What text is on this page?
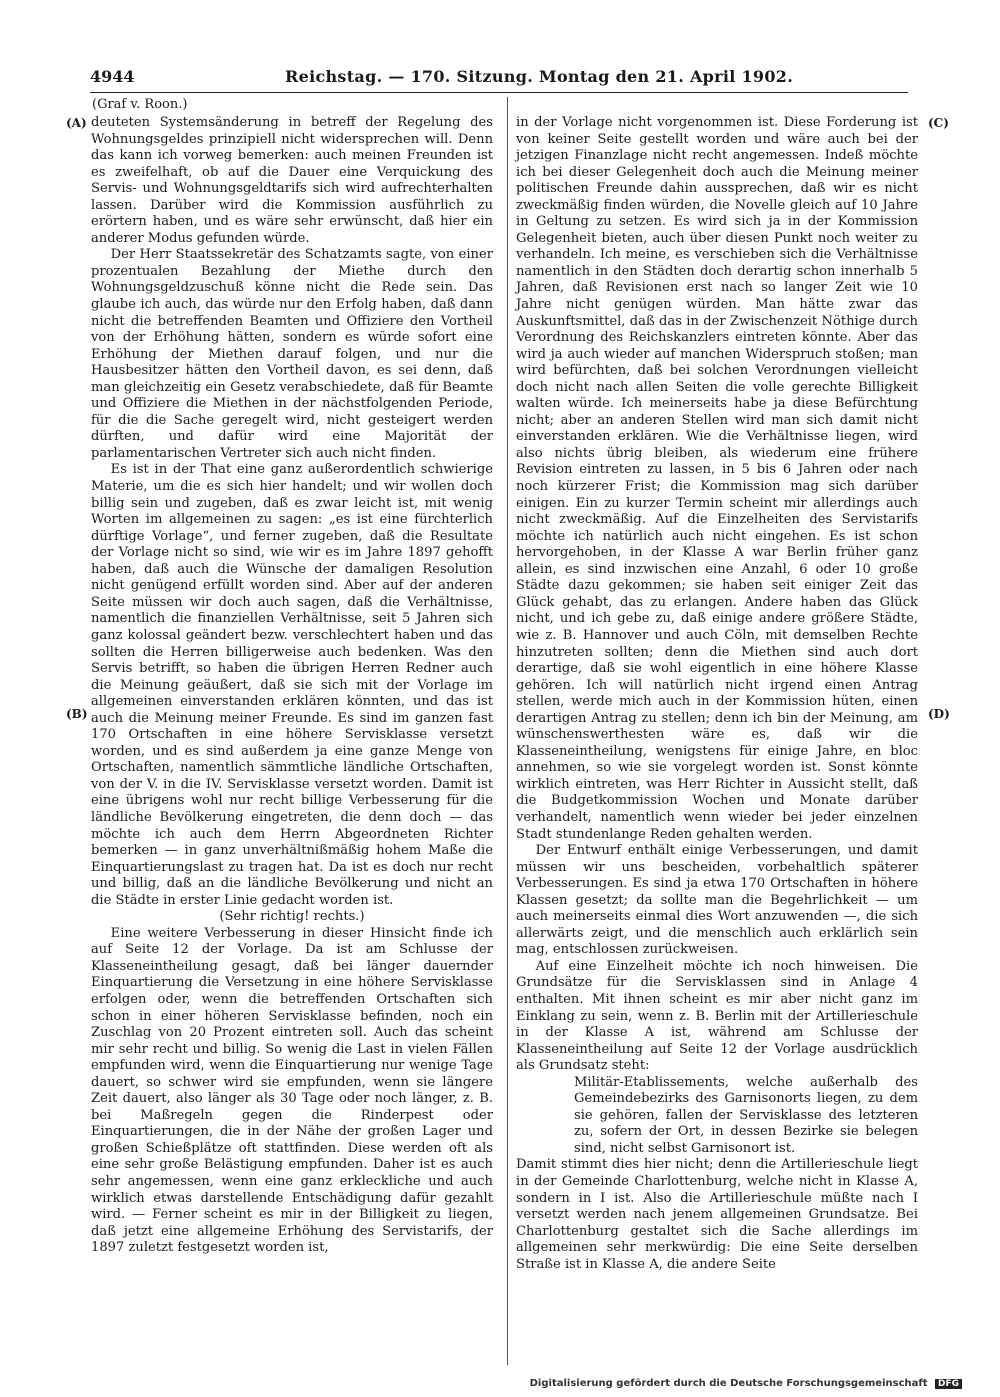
4944	Reichstag. — 170. Sitzung. Montag den 21. April 1902.
(Graf v. Roon.)
(A)
(B)
(C)
(D)

deuteten Systemsänderung in betreff der Regelung des Wohnungsgeldes prinzipiell nicht widersprechen will. Denn das kann ich vorweg bemerken: auch meinen Freunden ist es zweifelhaft, ob auf die Dauer eine Verquickung des Servis- und Wohnungsgeldtarifs sich wird aufrechterhalten lassen. Darüber wird die Kommission ausführlich zu erörtern haben, und es wäre sehr erwünscht, daß hier ein anderer Modus gefunden würde.

Der Herr Staatssekretär des Schatzamts sagte, von einer prozentualen Bezahlung der Miethe durch den Wohnungsgeldzuschuß könne nicht die Rede sein. Das glaube ich auch, das würde nur den Erfolg haben, daß dann nicht die betreffenden Beamten und Offiziere den Vortheil von der Erhöhung hätten, sondern es würde sofort eine Erhöhung der Miethen darauf folgen, und nur die Hausbesitzer hätten den Vortheil davon, es sei denn, daß man gleichzeitig ein Gesetz verabschiedete, daß für Beamte und Offiziere die Miethen in der nächstfolgenden Periode, für die die Sache geregelt wird, nicht gesteigert werden dürften, und dafür wird eine Majorität der parlamentarischen Vertreter sich auch nicht finden.

Es ist in der That eine ganz außerordentlich schwierige Materie, um die es sich hier handelt; und wir wollen doch billig sein und zugeben, daß es zwar leicht ist, mit wenig Worten im allgemeinen zu sagen: „es ist eine fürchterlich dürftige Vorlage“, und ferner zugeben, daß die Resultate der Vorlage nicht so sind, wie wir es im Jahre 1897 gehofft haben, daß auch die Wünsche der damaligen Resolution nicht genügend erfüllt worden sind. Aber auf der anderen Seite müssen wir doch auch sagen, daß die Verhältnisse, namentlich die finanziellen Verhältnisse, seit 5 Jahren sich ganz kolossal geändert bezw. verschlechtert haben und das sollten die Herren billigerweise auch bedenken. Was den Servis betrifft, so haben die übrigen Herren Redner auch die Meinung geäußert, daß sie sich mit der Vorlage im allgemeinen einverstanden erklären könnten, und das ist auch die Meinung meiner Freunde. Es sind im ganzen fast 170 Ortschaften in eine höhere Servisklasse versetzt worden, und es sind außerdem ja eine ganze Menge von Ortschaften, namentlich sämmtliche ländliche Ortschaften, von der V. in die IV. Servisklasse versetzt worden. Damit ist eine übrigens wohl nur recht billige Verbesserung für die ländliche Bevölkerung eingetreten, die denn doch — das möchte ich auch dem Herrn Abgeordneten Richter bemerken — in ganz unverhältnißmäßig hohem Maße die Einquartierungslast zu tragen hat. Da ist es doch nur recht und billig, daß an die ländliche Bevölkerung und nicht an die Städte in erster Linie gedacht worden ist.

(Sehr richtig! rechts.)

Eine weitere Verbesserung in dieser Hinsicht finde ich auf Seite 12 der Vorlage. Da ist am Schlusse der Klasseneintheilung gesagt, daß bei länger dauernder Einquartierung die Versetzung in eine höhere Servisklasse erfolgen oder, wenn die betreffenden Ortschaften sich schon in einer höheren Servisklasse befinden, noch ein Zuschlag von 20 Prozent eintreten soll. Auch das scheint mir sehr recht und billig. So wenig die Last in vielen Fällen empfunden wird, wenn die Einquartierung nur wenige Tage dauert, so schwer wird sie empfunden, wenn sie längere Zeit dauert, also länger als 30 Tage oder noch länger, z. B. bei Maßregeln gegen die Rinderpest oder Einquartierungen, die in der Nähe der großen Lager und großen Schießplätze oft stattfinden. Diese werden oft als eine sehr große Belästigung empfunden. Daher ist es auch sehr angemessen, wenn eine ganz erkleckliche und auch wirklich etwas darstellende Entschädigung dafür gezahlt wird. — Ferner scheint es mir in der Billigkeit zu liegen, daß jetzt eine allgemeine Erhöhung des Servistarifs, der 1897 zuletzt festgesetzt worden ist,

in der Vorlage nicht vorgenommen ist. Diese Forderung ist von keiner Seite gestellt worden und wäre auch bei der jetzigen Finanzlage nicht recht angemessen. Indeß möchte ich bei dieser Gelegenheit doch auch die Meinung meiner politischen Freunde dahin aussprechen, daß wir es nicht zweckmäßig finden würden, die Novelle gleich auf 10 Jahre in Geltung zu setzen. Es wird sich ja in der Kommission Gelegenheit bieten, auch über diesen Punkt noch weiter zu verhandeln. Ich meine, es verschieben sich die Verhältnisse namentlich in den Städten doch derartig schon innerhalb 5 Jahren, daß Revisionen erst nach so langer Zeit wie 10 Jahre nicht genügen würden. Man hätte zwar das Auskunftsmittel, daß das in der Zwischenzeit Nöthige durch Verordnung des Reichskanzlers eintreten könnte. Aber das wird ja auch wieder auf manchen Widerspruch stoßen; man wird befürchten, daß bei solchen Verordnungen vielleicht doch nicht nach allen Seiten die volle gerechte Billigkeit walten würde. Ich meinerseits habe ja diese Befürchtung nicht; aber an anderen Stellen wird man sich damit nicht einverstanden erklären. Wie die Verhältnisse liegen, wird also nichts übrig bleiben, als wiederum eine frühere Revision eintreten zu lassen, in 5 bis 6 Jahren oder nach noch kürzerer Frist; die Kommission mag sich darüber einigen. Ein zu kurzer Termin scheint mir allerdings auch nicht zweckmäßig. Auf die Einzelheiten des Servistarifs möchte ich natürlich auch nicht eingehen. Es ist schon hervorgehoben, in der Klasse A war Berlin früher ganz allein, es sind inzwischen eine Anzahl, 6 oder 10 große Städte dazu gekommen; sie haben seit einiger Zeit das Glück gehabt, das zu erlangen. Andere haben das Glück nicht, und ich gebe zu, daß einige andere größere Städte, wie z. B. Hannover und auch Cöln, mit demselben Rechte hinzutreten sollten; denn die Miethen sind auch dort derartige, daß sie wohl eigentlich in eine höhere Klasse gehören. Ich will natürlich nicht irgend einen Antrag stellen, werde mich auch in der Kommission hüten, einen derartigen Antrag zu stellen; denn ich bin der Meinung, am wünschenswerthesten wäre es, daß wir die Klasseneintheilung, wenigstens für einige Jahre, en bloc annehmen, so wie sie vorgelegt worden ist. Sonst könnte wirklich eintreten, was Herr Richter in Aussicht stellt, daß die Budgetkommission Wochen und Monate darüber verhandelt, namentlich wenn wieder bei jeder einzelnen Stadt stundenlange Reden gehalten werden.

Der Entwurf enthält einige Verbesserungen, und damit müssen wir uns bescheiden, vorbehaltlich späterer Verbesserungen. Es sind ja etwa 170 Ortschaften in höhere Klassen gesetzt; da sollte man die Begehrlichkeit — um auch meinerseits einmal dies Wort anzuwenden —, die sich allerwärts zeigt, und die menschlich auch erklärlich sein mag, entschlossen zurückweisen.

Auf eine Einzelheit möchte ich noch hinweisen. Die Grundsätze für die Servisklassen sind in Anlage 4 enthalten. Mit ihnen scheint es mir aber nicht ganz im Einklang zu sein, wenn z. B. Berlin mit der Artillerieschule in der Klasse A ist, während am Schlusse der Klasseneintheilung auf Seite 12 der Vorlage ausdrücklich als Grundsatz steht:

Militär-Etablissements, welche außerhalb des Gemeindebezirks des Garnisonorts liegen, zu dem sie gehören, fallen der Servisklasse des letzteren zu, sofern der Ort, in dessen Bezirke sie belegen sind, nicht selbst Garnisonort ist.

Damit stimmt dies hier nicht; denn die Artillerieschule liegt in der Gemeinde Charlottenburg, welche nicht in Klasse A, sondern in I ist. Also die Artillerieschule müßte nach I versetzt werden nach jenem allgemeinen Grundsatze. Bei Charlottenburg gestaltet sich die Sache allerdings im allgemeinen sehr merkwürdig: Die eine Seite derselben Straße ist in Klasse A, die andere Seite

Digitalisierung gefördert durch die Deutsche Forschungsgemeinschaft DFG
